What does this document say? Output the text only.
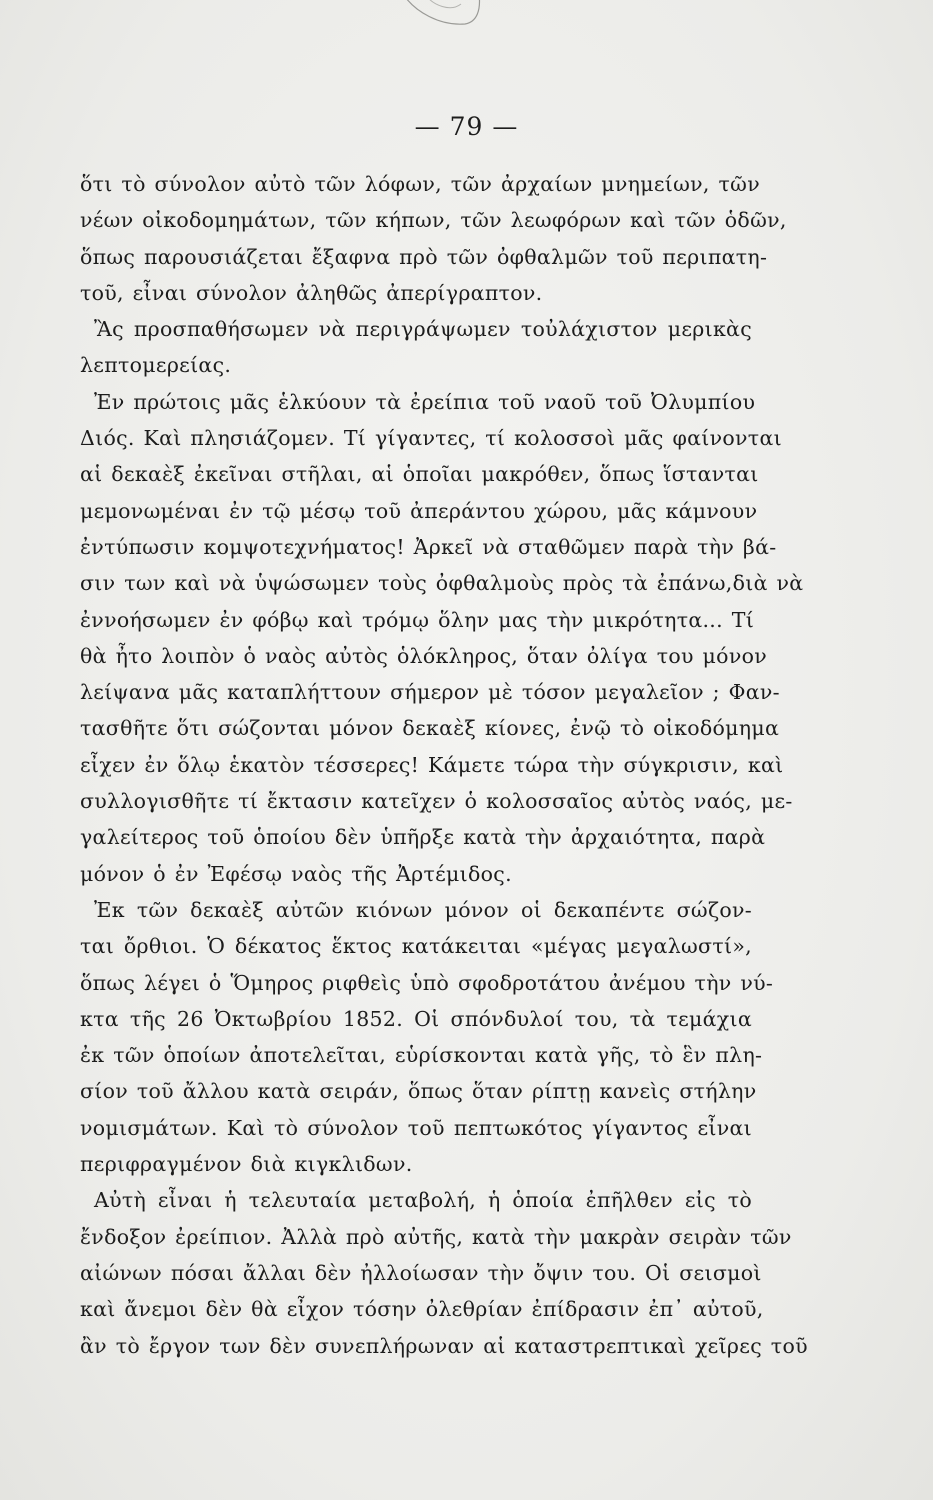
— 79 —
ὅτι τὸ σύνολον αὐτὸ τῶν λόφων, τῶν ἀρχαίων μνημείων, τῶν
νέων οἰκοδομημάτων, τῶν κήπων, τῶν λεωφόρων καὶ τῶν ὁδῶν,
ὅπως παρουσιάζεται ἔξαφνα πρὸ τῶν ὀφθαλμῶν τοῦ περιπατη-
τοῦ, εἶναι σύνολον ἀληθῶς ἀπερίγραπτον.
Ἂς προσπαθήσωμεν νὰ περιγράψωμεν τοὐλάχιστον μερικὰς
λεπτομερείας.
Ἐν πρώτοις μᾶς ἑλκύουν τὰ ἐρείπια τοῦ ναοῦ τοῦ Ὀλυμπίου
Διός. Καὶ πλησιάζομεν. Τί γίγαντες, τί κολοσσοὶ μᾶς φαίνονται
αἱ δεκαὲξ ἐκεῖναι στῆλαι, αἱ ὁποῖαι μακρόθεν, ὅπως ἵστανται
μεμονωμέναι ἐν τῷ μέσῳ τοῦ ἀπεράντου χώρου, μᾶς κάμνουν
ἐντύπωσιν κομψοτεχνήματος! Ἀρκεῖ νὰ σταθῶμεν παρὰ τὴν βά-
σιν των καὶ νὰ ὑψώσωμεν τοὺς ὀφθαλμοὺς πρὸς τὰ ἐπάνω,διὰ νὰ
ἐννοήσωμεν ἐν φόβῳ καὶ τρόμῳ ὅλην μας τὴν μικρότητα... Τί
θὰ ἦτο λοιπὸν ὁ ναὸς αὐτὸς ὁλόκληρος, ὅταν ὀλίγα του μόνον
λείψανα μᾶς καταπλήττουν σήμερον μὲ τόσον μεγαλεῖον ; Φαν-
τασθῆτε ὅτι σώζονται μόνον δεκαὲξ κίονες, ἐνῷ τὸ οἰκοδόμημα
εἶχεν ἐν ὅλῳ ἑκατὸν τέσσερες! Κάμετε τώρα τὴν σύγκρισιν, καὶ
συλλογισθῆτε τί ἔκτασιν κατεῖχεν ὁ κολοσσαῖος αὐτὸς ναός, με-
γαλείτερος τοῦ ὁποίου δὲν ὑπῆρξε κατὰ τὴν ἀρχαιότητα, παρὰ
μόνον ὁ ἐν Ἐφέσῳ ναὸς τῆς Ἀρτέμιδος.
Ἐκ τῶν δεκαὲξ αὐτῶν κιόνων μόνον οἱ δεκαπέντε σώζον-
ται ὄρθιοι. Ὁ δέκατος ἕκτος κατάκειται «μέγας μεγαλωστί»,
ὅπως λέγει ὁ Ὅμηρος ριφθεὶς ὑπὸ σφοδροτάτου ἀνέμου τὴν νύ-
κτα τῆς 26 Ὀκτωβρίου 1852. Οἱ σπόνδυλοί του, τὰ τεμάχια
ἐκ τῶν ὁποίων ἀποτελεῖται, εὑρίσκονται κατὰ γῆς, τὸ ἓν πλη-
σίον τοῦ ἄλλου κατὰ σειράν, ὅπως ὅταν ρίπτῃ κανεὶς στήλην
νομισμάτων. Καὶ τὸ σύνολον τοῦ πεπτωκότος γίγαντος εἶναι
περιφραγμένον διὰ κιγκλιδων.
Αὐτὴ εἶναι ἡ τελευταία μεταβολή, ἡ ὁποία ἐπῆλθεν εἰς τὸ
ἔνδοξον ἐρείπιον. Ἀλλὰ πρὸ αὐτῆς, κατὰ τὴν μακρὰν σειρὰν τῶν
αἰώνων πόσαι ἄλλαι δὲν ἠλλοίωσαν τὴν ὄψιν του. Οἱ σεισμοὶ
καὶ ἄνεμοι δὲν θὰ εἶχον τόσην ὀλεθρίαν ἐπίδρασιν ἐπ᾽ αὐτοῦ,
ἂν τὸ ἔργον των δὲν συνεπλήρωναν αἱ καταστρεπτικαὶ χεῖρες τοῦ
